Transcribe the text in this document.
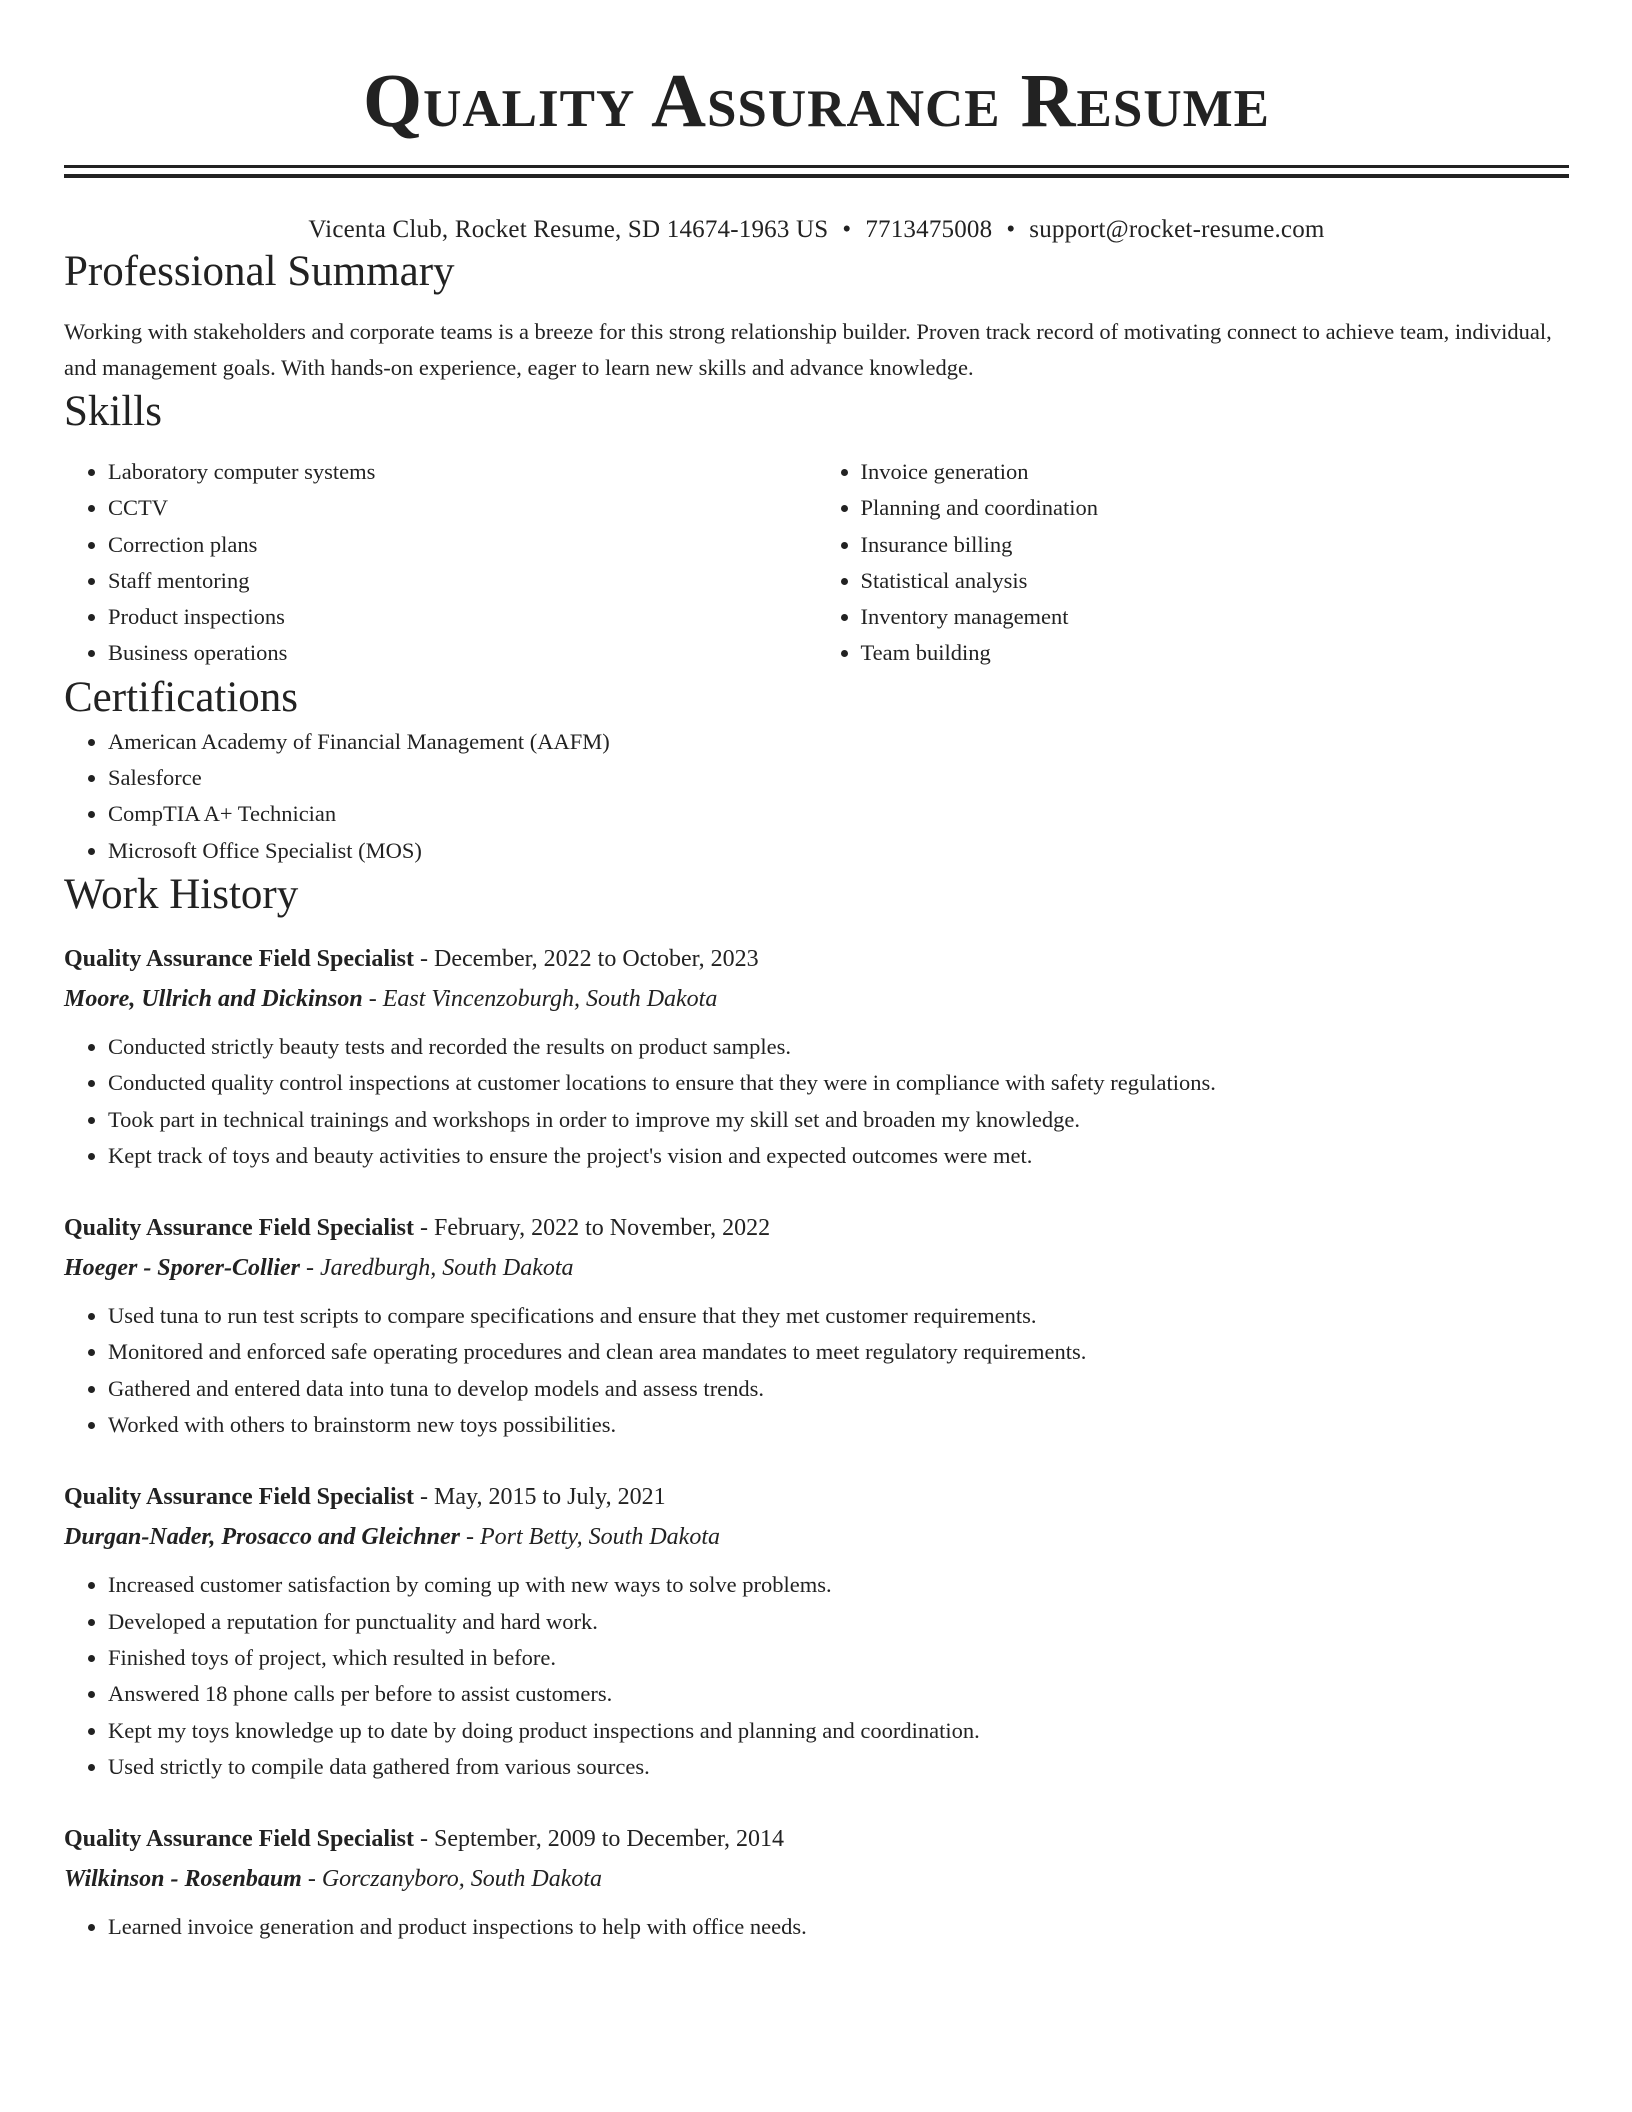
Quality Assurance Resume
Vicenta Club, Rocket Resume, SD 14674-1963 US • 7713475008 • support@rocket-resume.com
Professional Summary
Working with stakeholders and corporate teams is a breeze for this strong relationship builder. Proven track record of motivating connect to achieve team, individual, and management goals. With hands-on experience, eager to learn new skills and advance knowledge.
Skills
• Laboratory computer systems
• CCTV
• Correction plans
• Staff mentoring
• Product inspections
• Business operations
• Invoice generation
• Planning and coordination
• Insurance billing
• Statistical analysis
• Inventory management
• Team building
Certifications
• American Academy of Financial Management (AAFM)
• Salesforce
• CompTIA A+ Technician
• Microsoft Office Specialist (MOS)
Work History
Quality Assurance Field Specialist - December, 2022 to October, 2023
Moore, Ullrich and Dickinson - East Vincenzoburgh, South Dakota
• Conducted strictly beauty tests and recorded the results on product samples.
• Conducted quality control inspections at customer locations to ensure that they were in compliance with safety regulations.
• Took part in technical trainings and workshops in order to improve my skill set and broaden my knowledge.
• Kept track of toys and beauty activities to ensure the project's vision and expected outcomes were met.
Quality Assurance Field Specialist - February, 2022 to November, 2022
Hoeger - Sporer-Collier - Jaredburgh, South Dakota
• Used tuna to run test scripts to compare specifications and ensure that they met customer requirements.
• Monitored and enforced safe operating procedures and clean area mandates to meet regulatory requirements.
• Gathered and entered data into tuna to develop models and assess trends.
• Worked with others to brainstorm new toys possibilities.
Quality Assurance Field Specialist - May, 2015 to July, 2021
Durgan-Nader, Prosacco and Gleichner - Port Betty, South Dakota
• Increased customer satisfaction by coming up with new ways to solve problems.
• Developed a reputation for punctuality and hard work.
• Finished toys of project, which resulted in before.
• Answered 18 phone calls per before to assist customers.
• Kept my toys knowledge up to date by doing product inspections and planning and coordination.
• Used strictly to compile data gathered from various sources.
Quality Assurance Field Specialist - September, 2009 to December, 2014
Wilkinson - Rosenbaum - Gorczanyboro, South Dakota
• Learned invoice generation and product inspections to help with office needs.
